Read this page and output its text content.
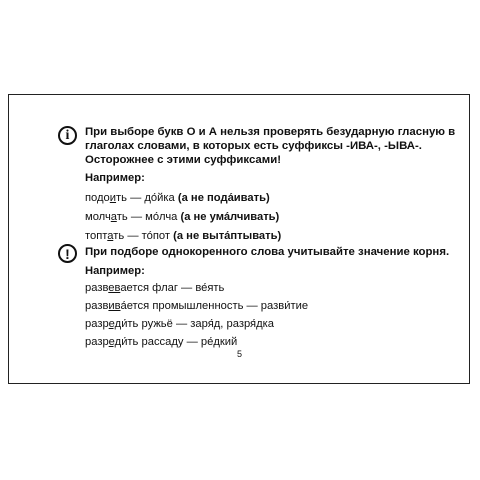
i	При выборе букв О и А нельзя проверять безударную гласную в глаголах словами, в которых есть суффиксы -ИВА-, -ЫВА-. Осторожнее с этими суффиксами!

Например:

подоить — до́йка (а не пода́ивать)

молчать — мо́лча (а не ума́лчивать)

топтать — то́пот (а не выта́птывать)

!	При подборе однокоренного слова учитывайте значение корня.

Например:

развевается флаг — ве́ять

развива́ется промышленность — разви́тие

разреди́ть ружьё — заря́д, разря́дка

разреди́ть рассаду — ре́дкий

5
